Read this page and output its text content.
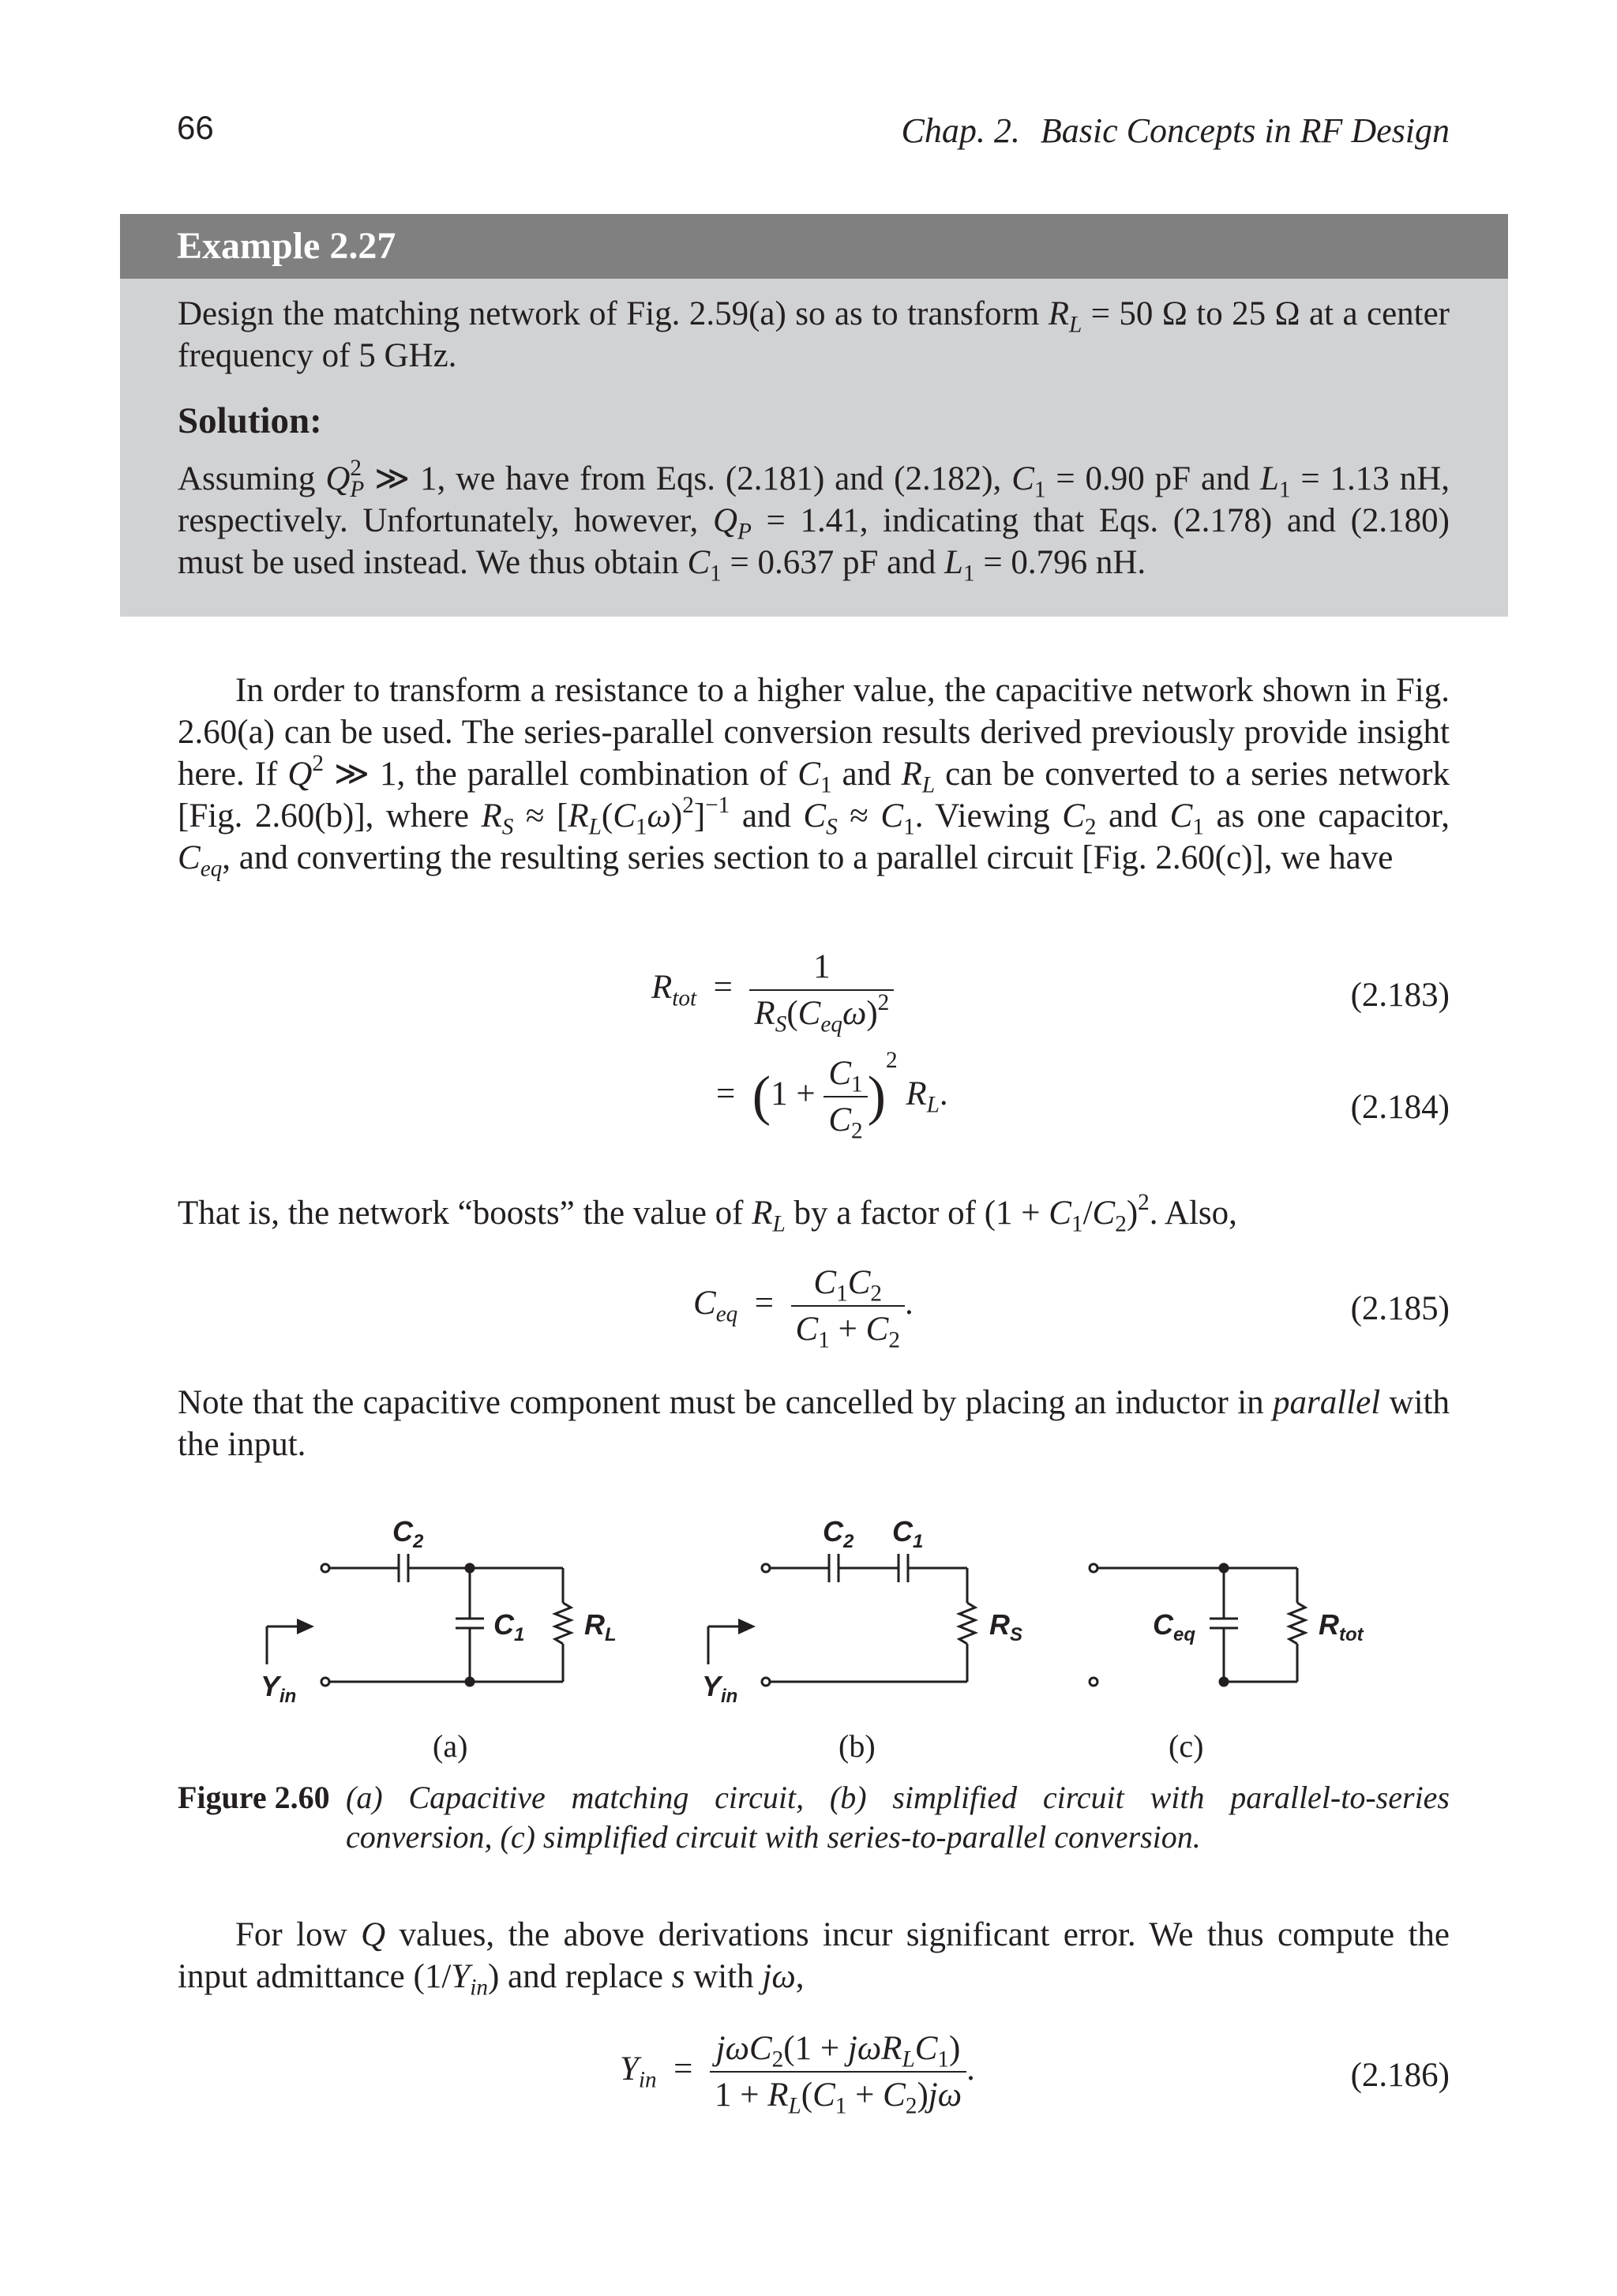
66	Chap. 2. Basic Concepts in RF Design
Example 2.27

Design the matching network of Fig. 2.59(a) so as to transform $R_L = 50$ Ω to 25 Ω at a center frequency of 5 GHz.

Solution:

Assuming $Q^2_P$ ≫ 1, we have from Eqs. (2.181) and (2.182), $C_1 = 0.90$ pF and $L_1 = 1.13$ nH, respectively. Unfortunately, however, $Q_P = 1.41$, indicating that Eqs. (2.178) and (2.180) must be used instead. We thus obtain $C_1 = 0.637$ pF and $L_1 = 0.796$ nH.

In order to transform a resistance to a higher value, the capacitive network shown in Fig. 2.60(a) can be used. The series-parallel conversion results derived previously provide insight here. If $Q^2$ ≫ 1, the parallel combination of $C_1$ and $R_L$ can be converted to a series network [Fig. 2.60(b)], where $R_S \approx [R_L(C_1\omega)^2]^{-1}$ and $C_S \approx C_1$. Viewing $C_2$ and $C_1$ as one capacitor, $C_{eq}$, and converting the resulting series section to a parallel circuit [Fig. 2.60(c)], we have

$R_{tot} = \frac{1}{R_S(C_{eq}\omega)^2}$	(2.183)
=  $(1 + \frac{C_1}{C_2} )^2$ $R_L$.	(2.184)

That is, the network “boosts” the value of $R_L$ by a factor of $(1 + C_1/C_2)^2$. Also,

$C_{eq} = \frac{C_1C_2}{C_1 + C_2}$ .	(2.185)

Note that the capacitive component must be cancelled by placing an inductor in parallel with the input.

$C_2$
$C_1$ $R_L$
$Y_{in}$
$C_2$ $C_1$
$R_S$
$Y_{in}$
$C_{eq}$	$R_{tot}$
(a)	(b)	(c)
Figure 2.60 (a) Capacitive matching circuit, (b) simplified circuit with parallel-to-series conversion, (c) simplified circuit with series-to-parallel conversion.

For low Q values, the above derivations incur significant error. We thus compute the input admittance $(1/Y_{in})$ and replace s with jω,

$Y_{in} = \frac{j\omega C_2(1 + j\omega R_LC_1)}{1 + R_L(C_1 + C_2)j\omega}$ .	(2.186)
